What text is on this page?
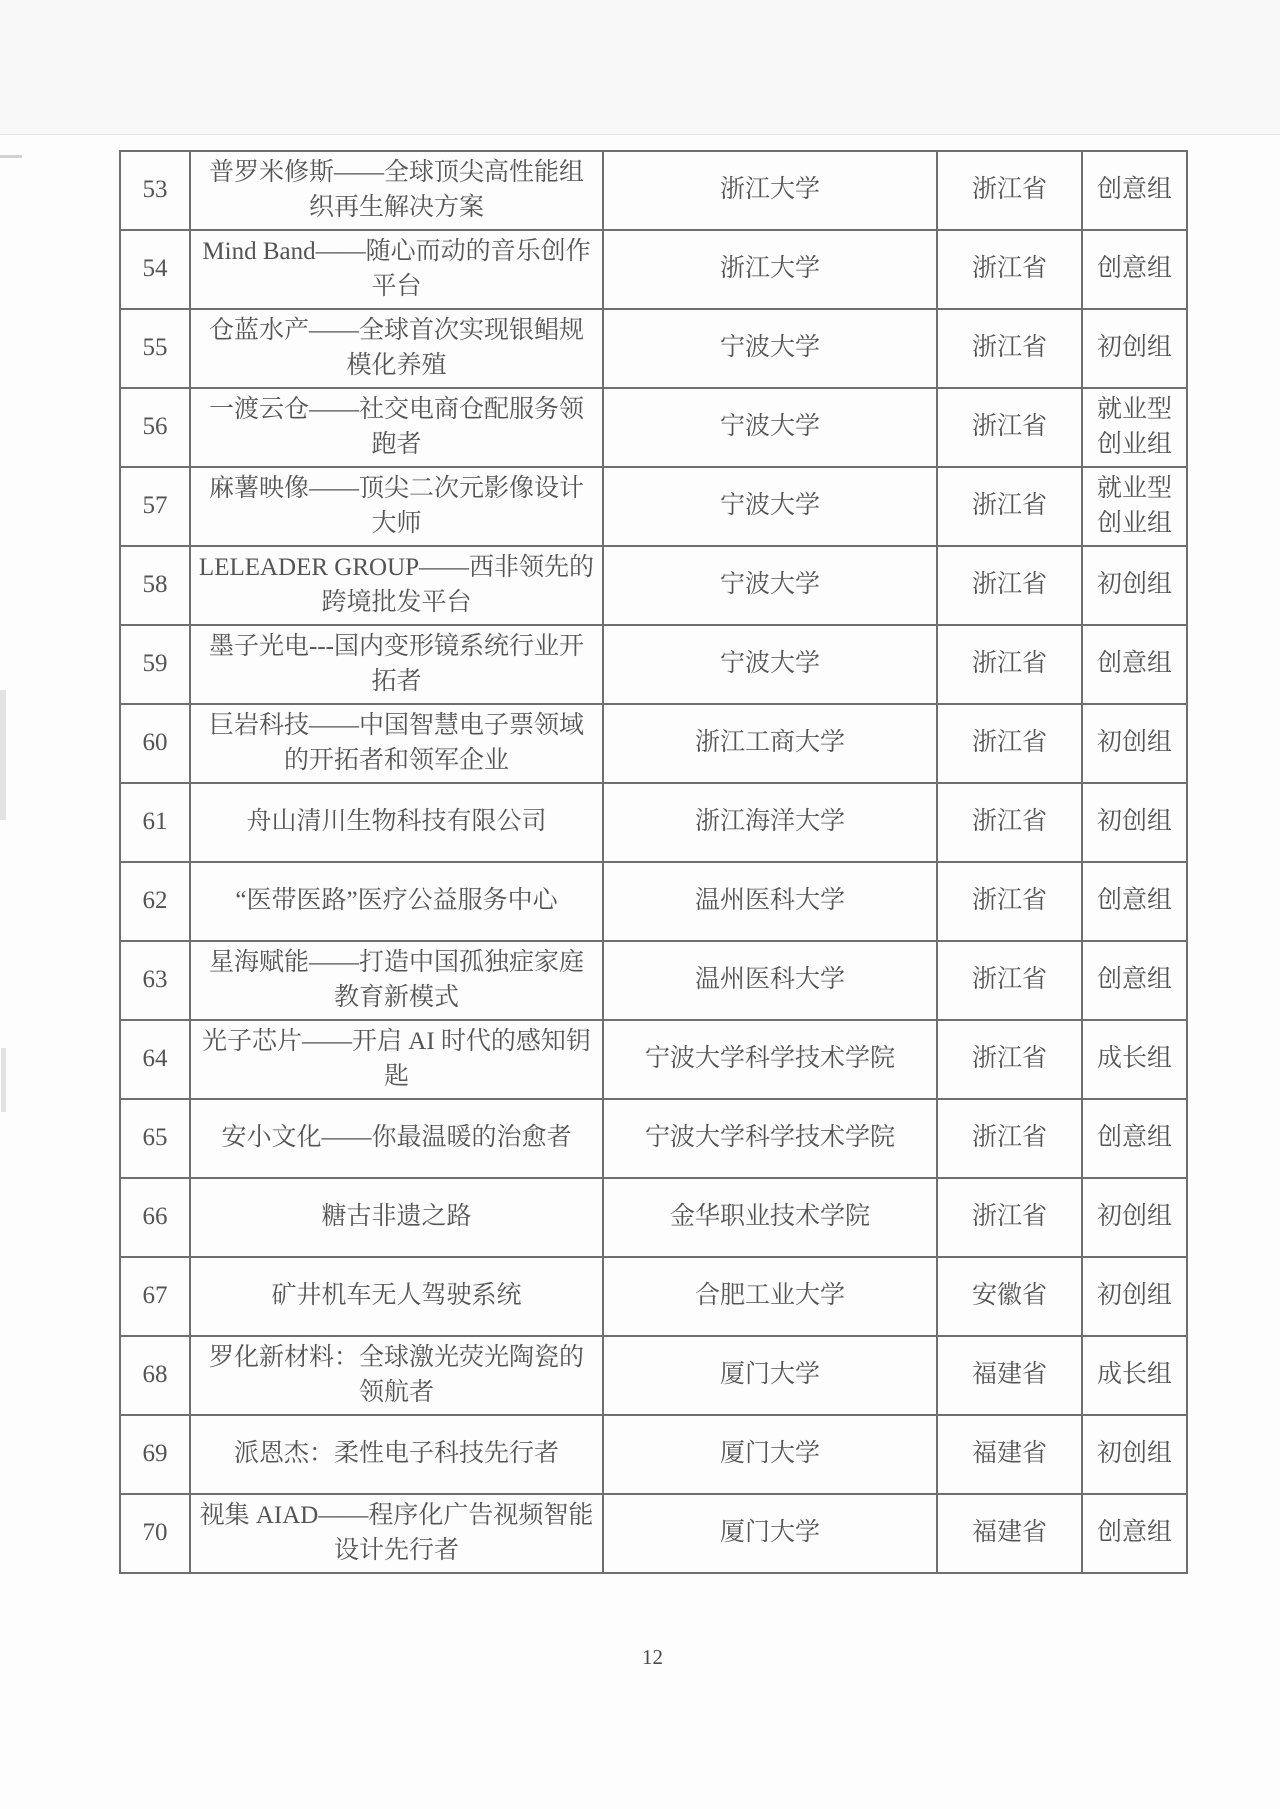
53	普罗米修斯——全球顶尖高性能组织再生解决方案	浙江大学	浙江省	创意组
54	Mind Band——随心而动的音乐创作平台	浙江大学	浙江省	创意组
55	仓蓝水产——全球首次实现银鲳规模化养殖	宁波大学	浙江省	初创组
56	一渡云仓——社交电商仓配服务领跑者	宁波大学	浙江省	就业型创业组
57	麻薯映像——顶尖二次元影像设计大师	宁波大学	浙江省	就业型创业组
58	LELEADER GROUP——西非领先的跨境批发平台	宁波大学	浙江省	初创组
59	墨子光电---国内变形镜系统行业开拓者	宁波大学	浙江省	创意组
60	巨岩科技——中国智慧电子票领域的开拓者和领军企业	浙江工商大学	浙江省	初创组
61	舟山清川生物科技有限公司	浙江海洋大学	浙江省	初创组
62	“医带医路”医疗公益服务中心	温州医科大学	浙江省	创意组
63	星海赋能——打造中国孤独症家庭教育新模式	温州医科大学	浙江省	创意组
64	光子芯片——开启 AI 时代的感知钥匙	宁波大学科学技术学院	浙江省	成长组
65	安小文化——你最温暖的治愈者	宁波大学科学技术学院	浙江省	创意组
66	糖古非遗之路	金华职业技术学院	浙江省	初创组
67	矿井机车无人驾驶系统	合肥工业大学	安徽省	初创组
68	罗化新材料：全球激光荧光陶瓷的领航者	厦门大学	福建省	成长组
69	派恩杰：柔性电子科技先行者	厦门大学	福建省	初创组
70	视集 AIAD——程序化广告视频智能设计先行者	厦门大学	福建省	创意组
12
